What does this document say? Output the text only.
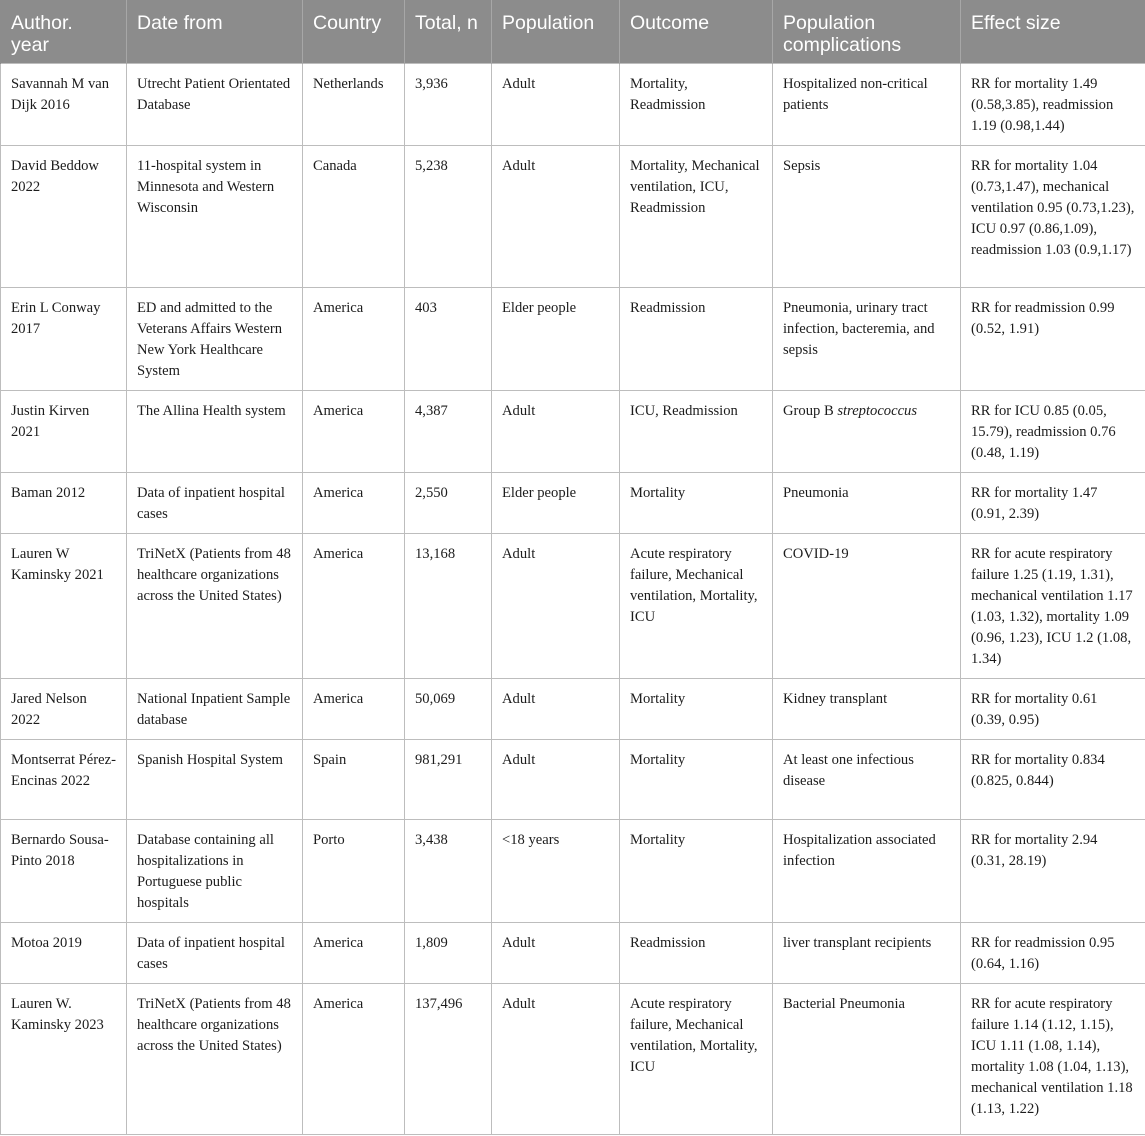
Author. year	Date from	Country	Total, n	Population	Outcome	Population complications	Effect size
Savannah M van Dijk 2016	Utrecht Patient Orientated Database	Netherlands	3,936	Adult	Mortality, Readmission	Hospitalized non-critical patients	RR for mortality 1.49 (0.58,3.85), readmission 1.19 (0.98,1.44)
David Beddow 2022	11-hospital system in Minnesota and Western Wisconsin	Canada	5,238	Adult	Mortality, Mechanical ventilation, ICU, Readmission	Sepsis	RR for mortality 1.04 (0.73,1.47), mechanical ventilation 0.95 (0.73,1.23), ICU 0.97 (0.86,1.09), readmission 1.03 (0.9,1.17)
Erin L Conway 2017	ED and admitted to the Veterans Affairs Western New York Healthcare System	America	403	Elder people	Readmission	Pneumonia, urinary tract infection, bacteremia, and sepsis	RR for readmission 0.99 (0.52, 1.91)
Justin Kirven 2021	The Allina Health system	America	4,387	Adult	ICU, Readmission	Group B streptococcus	RR for ICU 0.85 (0.05, 15.79), readmission 0.76 (0.48, 1.19)
Baman 2012	Data of inpatient hospital cases	America	2,550	Elder people	Mortality	Pneumonia	RR for mortality 1.47 (0.91, 2.39)
Lauren W Kaminsky 2021	TriNetX (Patients from 48 healthcare organizations across the United States)	America	13,168	Adult	Acute respiratory failure, Mechanical ventilation, Mortality, ICU	COVID-19	RR for acute respiratory failure 1.25 (1.19, 1.31), mechanical ventilation 1.17 (1.03, 1.32), mortality 1.09 (0.96, 1.23), ICU 1.2 (1.08, 1.34)
Jared Nelson 2022	National Inpatient Sample database	America	50,069	Adult	Mortality	Kidney transplant	RR for mortality 0.61 (0.39, 0.95)
Montserrat Pérez-Encinas 2022	Spanish Hospital System	Spain	981,291	Adult	Mortality	At least one infectious disease	RR for mortality 0.834 (0.825, 0.844)
Bernardo Sousa-Pinto 2018	Database containing all hospitalizations in Portuguese public hospitals	Porto	3,438	<18 years	Mortality	Hospitalization associated infection	RR for mortality 2.94 (0.31, 28.19)
Motoa 2019	Data of inpatient hospital cases	America	1,809	Adult	Readmission	liver transplant recipients	RR for readmission 0.95 (0.64, 1.16)
Lauren W. Kaminsky 2023	TriNetX (Patients from 48 healthcare organizations across the United States)	America	137,496	Adult	Acute respiratory failure, Mechanical ventilation, Mortality, ICU	Bacterial Pneumonia	RR for acute respiratory failure 1.14 (1.12, 1.15), ICU 1.11 (1.08, 1.14), mortality 1.08 (1.04, 1.13), mechanical ventilation 1.18 (1.13, 1.22)
